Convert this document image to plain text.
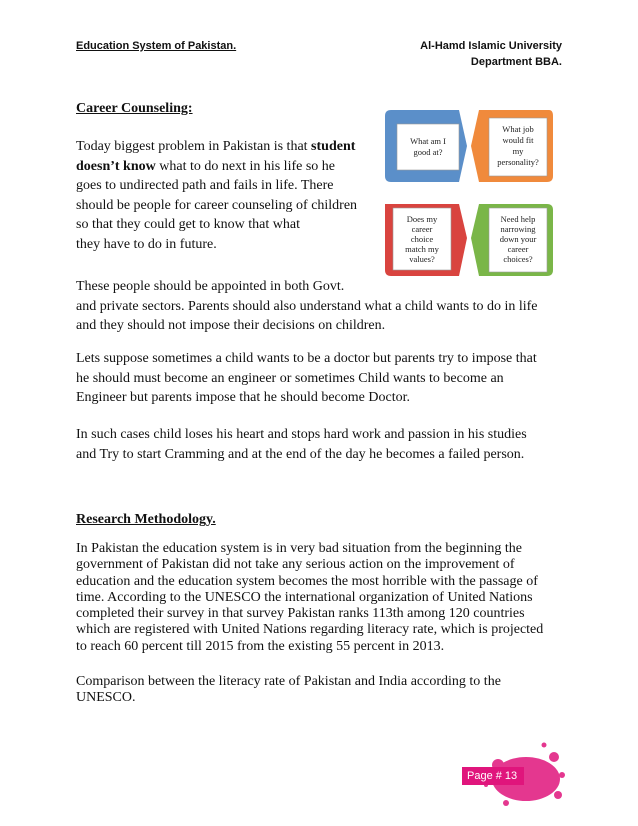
Education System of Pakistan.	Al-Hamd Islamic University
Department BBA.
Career Counseling:

Today biggest problem in Pakistan is that student
doesn’t know what to do next in his life so he
goes to undirected path and fails in life. There
should be people for career counseling of children
so that they could get to know that what
they have to do in future.

What am I
good at?
What job
would fit
my
personality?
Does my
career
choice
match my
values?
Need help
narrowing
down your
career
choices?

These people should be appointed in both Govt.
and private sectors. Parents should also understand what a child wants to do in life
and they should not impose their decisions on children.

Lets suppose sometimes a child wants to be a doctor but parents try to impose that
he should must become an engineer or sometimes Child wants to become an
Engineer but parents impose that he should become Doctor.

In such cases child loses his heart and stops hard work and passion in his studies
and Try to start Cramming and at the end of the day he becomes a failed person.

Research Methodology.

In Pakistan the education system is in very bad situation from the beginning the
government of Pakistan did not take any serious action on the improvement of
education and the education system becomes the most horrible with the passage of
time. According to the UNESCO the international organization of United Nations
completed their survey in that survey Pakistan ranks 113th among 120 countries
which are registered with United Nations regarding literacy rate, which is projected
to reach 60 percent till 2015 from the existing 55 percent in 2013.

Comparison between the literacy rate of Pakistan and India according to the
UNESCO.

Page # 13
